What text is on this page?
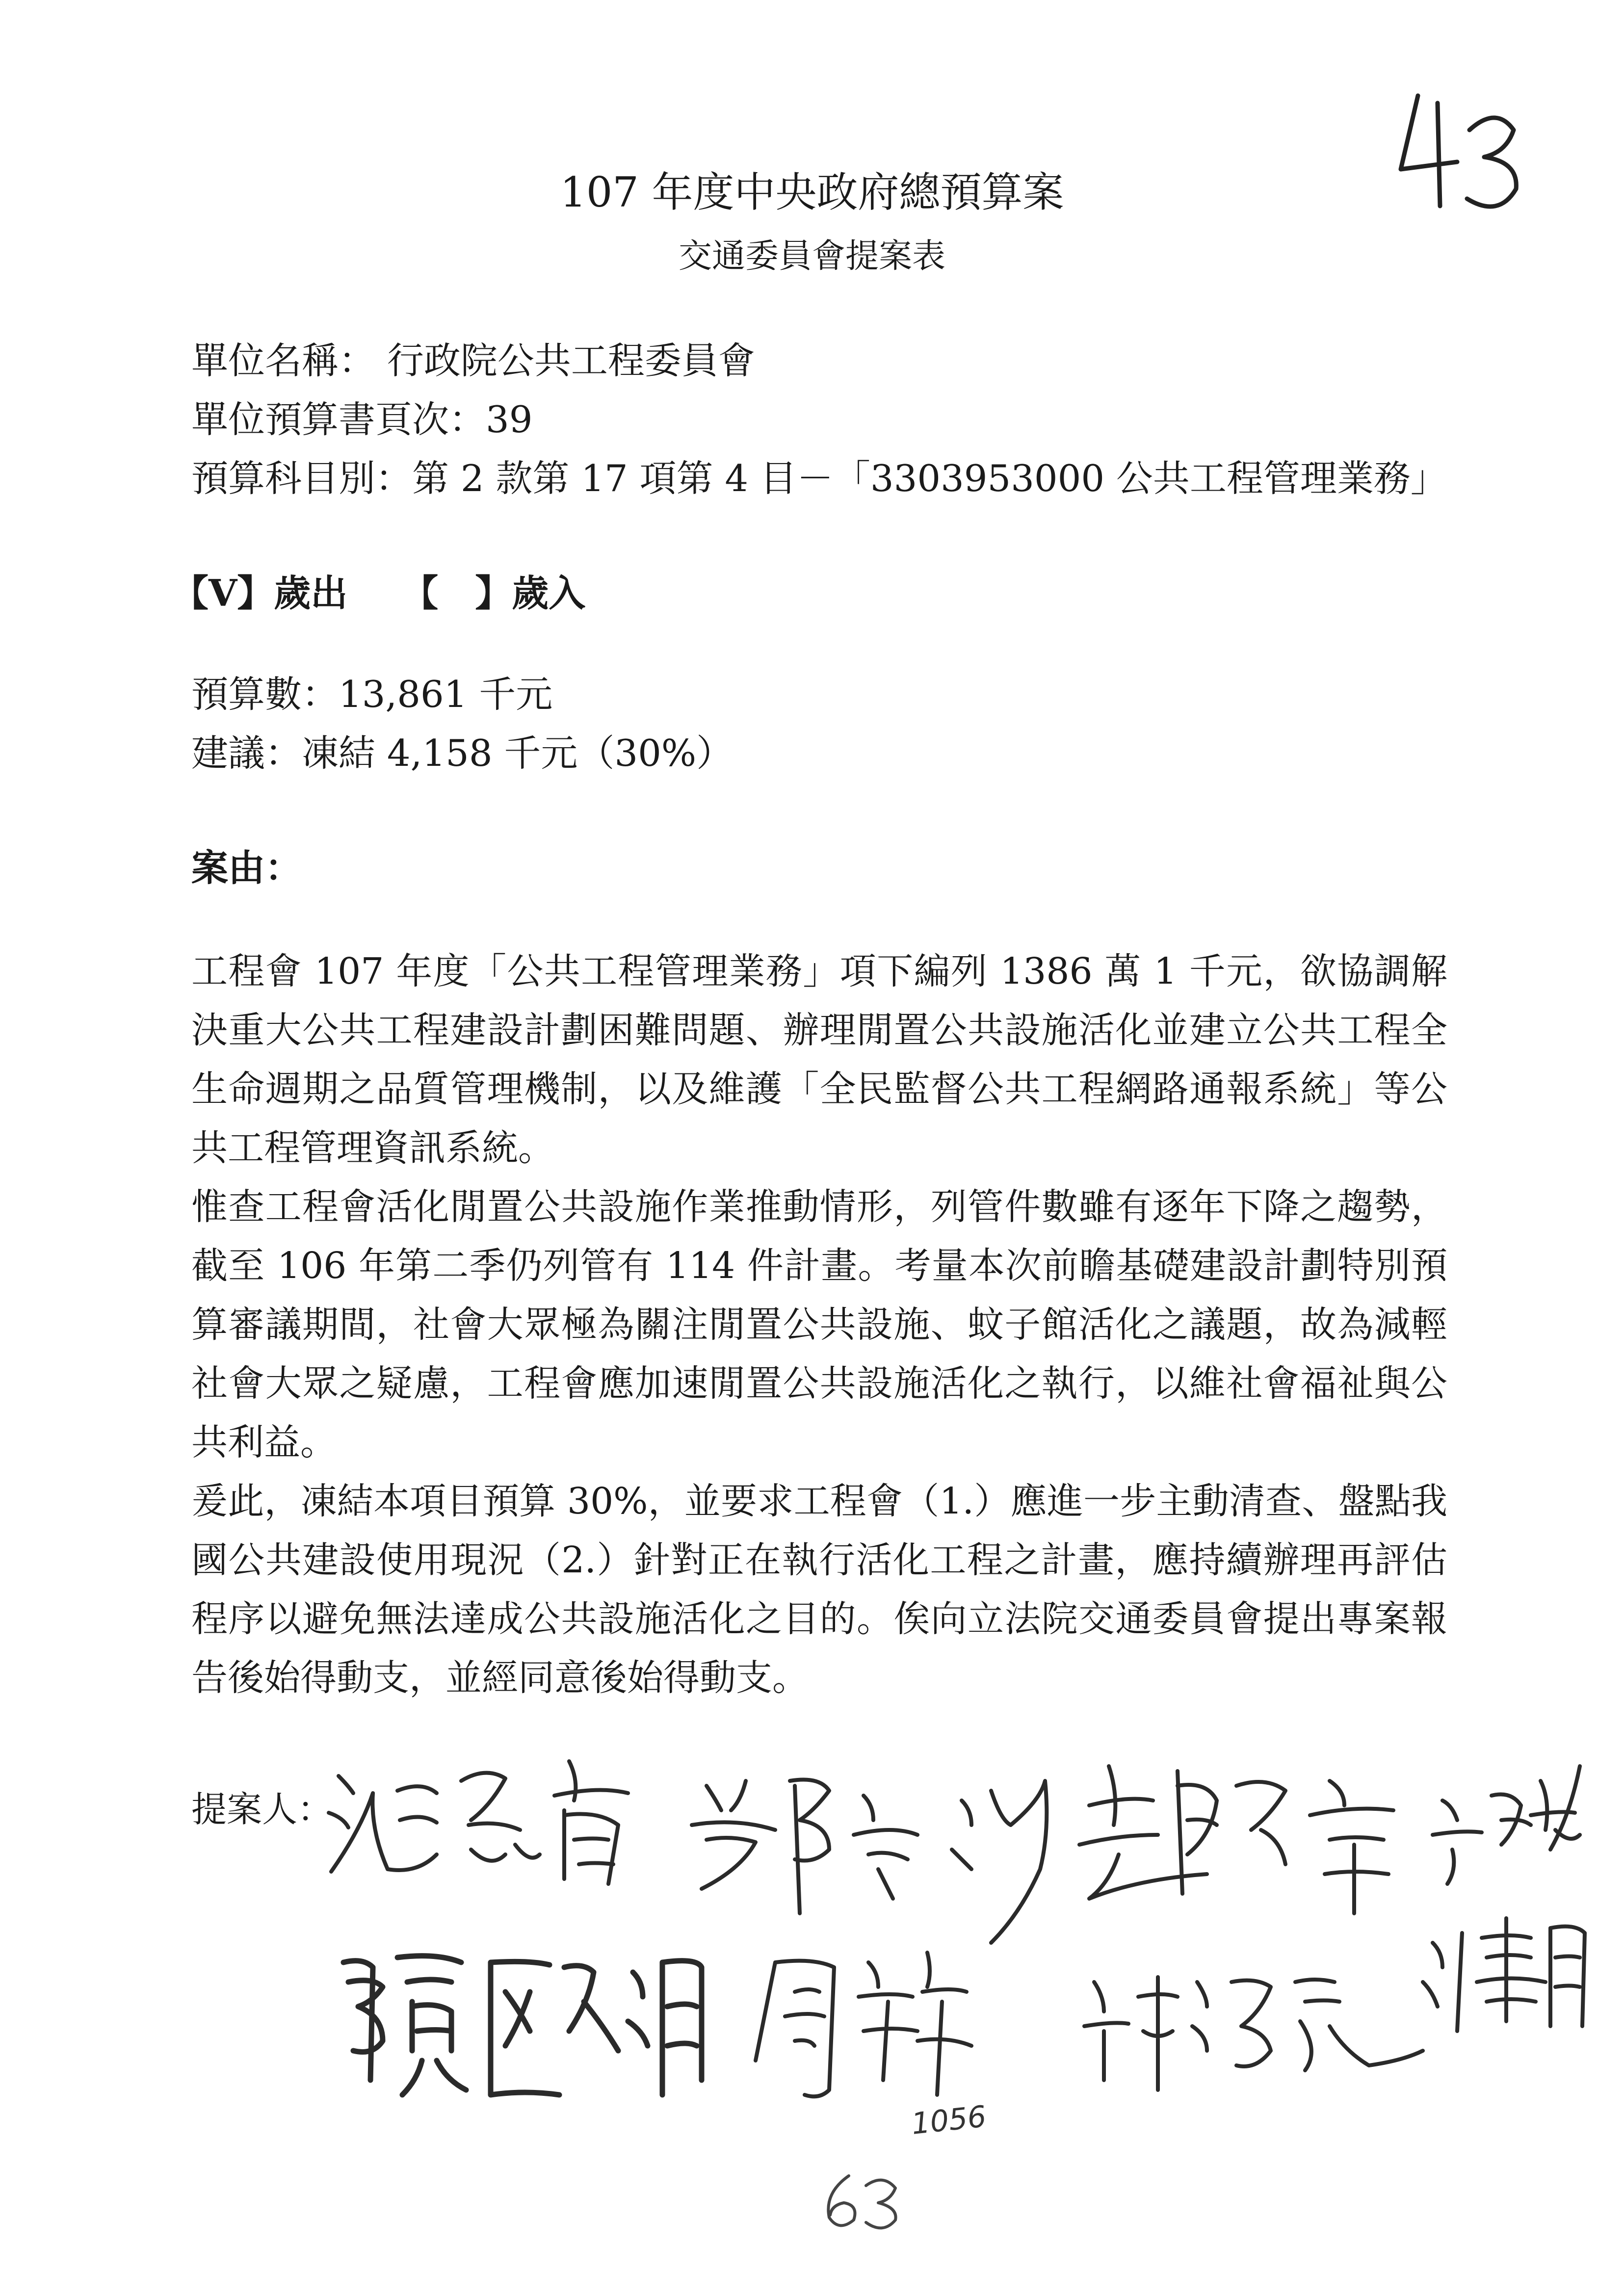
107 年度中央政府總預算案
交通委員會提案表
單位名稱： 行政院公共工程委員會
單位預算書頁次：39
預算科目別：第 2 款第 17 項第 4 目－「3303953000 公共工程管理業務」
【V】歲出 【　】歲入
預算數：13,861 千元
建議：凍結 4,158 千元（30%）
案由：

工程會 107 年度「公共工程管理業務」項下編列 1386 萬 1 千元，欲協調解決重大公共工程建設計劃困難問題、辦理閒置公共設施活化並建立公共工程全生命週期之品質管理機制，以及維護「全民監督公共工程網路通報系統」等公共工程管理資訊系統。

惟查工程會活化閒置公共設施作業推動情形，列管件數雖有逐年下降之趨勢，截至 106 年第二季仍列管有 114 件計畫。考量本次前瞻基礎建設計劃特別預算審議期間，社會大眾極為關注閒置公共設施、蚊子館活化之議題，故為減輕社會大眾之疑慮，工程會應加速閒置公共設施活化之執行，以維社會福祉與公共利益。

爰此，凍結本項目預算 30%，並要求工程會（1.）應進一步主動清查、盤點我國公共建設使用現況（2.）針對正在執行活化工程之計畫，應持續辦理再評估程序以避免無法達成公共設施活化之目的。俟向立法院交通委員會提出專案報告後始得動支，並經同意後始得動支。

提案人：
1056
